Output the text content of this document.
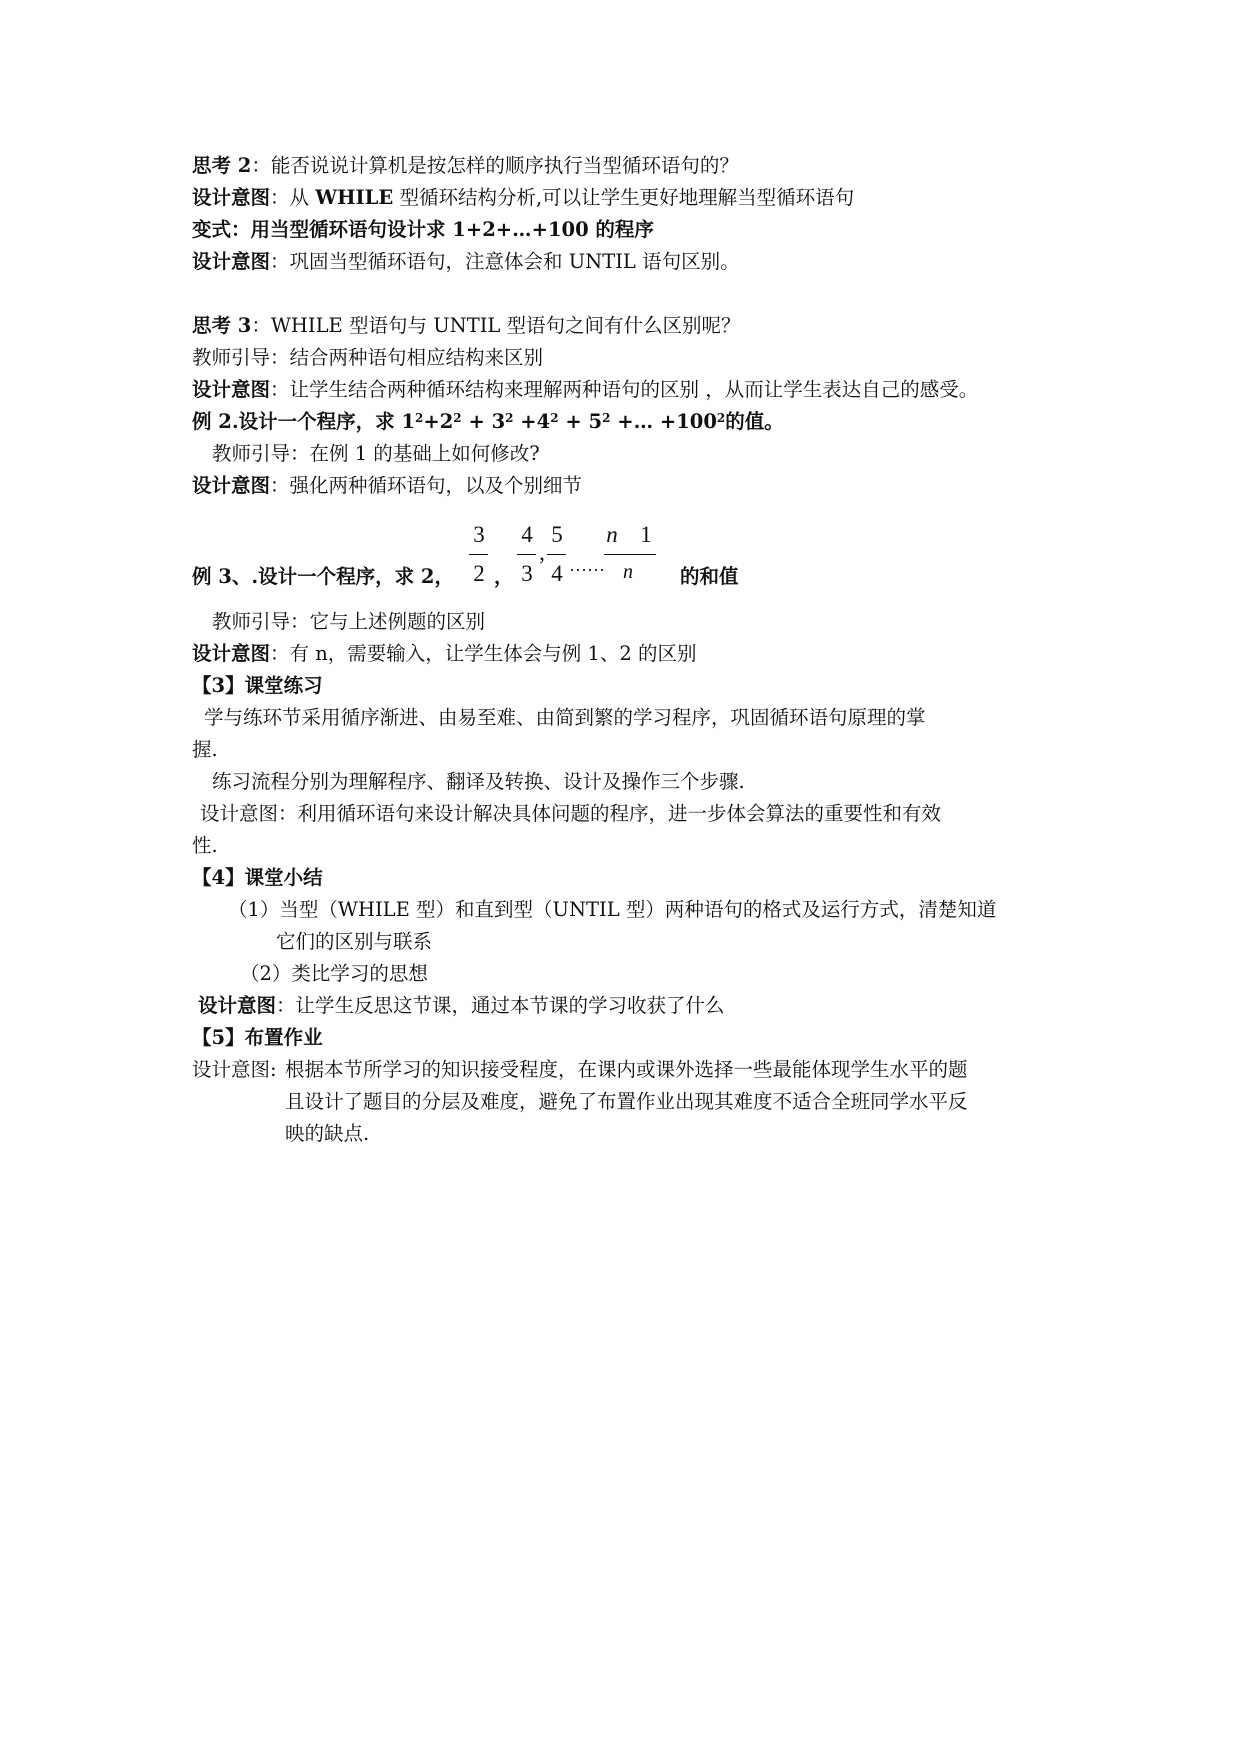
思考 2：能否说说计算机是按怎样的顺序执行当型循环语句的？
设计意图：从 WHILE 型循环结构分析,可以让学生更好地理解当型循环语句
变式：用当型循环语句设计求 1+2+…+100 的程序
设计意图：巩固当型循环语句，注意体会和 UNTIL 语句区别。
思考 3：WHILE 型语句与 UNTIL 型语句之间有什么区别呢？
教师引导：结合两种语句相应结构来区别
设计意图：让学生结合两种循环结构来理解两种语句的区别 ，从而让学生表达自己的感受。
例 2.设计一个程序，求 $1^2+2^2 + 3^2 +4^2 + 5^2$ +… $+100^2$的值。
教师引导：在例 1 的基础上如何修改?
设计意图：强化两种循环语句，以及个别细节
例 3、.设计一个程序，求 2，
3
2 ，
4
3
,
5
4 ……
n 1
n	的和值
教师引导：它与上述例题的区别
设计意图：有 n，需要输入，让学生体会与例 1、2 的区别
【3】课堂练习
学与练环节采用循序渐进、由易至难、由简到繁的学习程序，巩固循环语句原理的掌
握.
练习流程分别为理解程序、翻译及转换、设计及操作三个步骤.
设计意图：利用循环语句来设计解决具体问题的程序，进一步体会算法的重要性和有效
性.
【4】课堂小结
（1）当型（WHILE 型）和直到型（UNTIL 型）两种语句的格式及运行方式，清楚知道
它们的区别与联系
（2）类比学习的思想
设计意图：让学生反思这节课，通过本节课的学习收获了什么
【5】布置作业
设计意图: 根据本节所学习的知识接受程度，在课内或课外选择一些最能体现学生水平的题
且设计了题目的分层及难度，避免了布置作业出现其难度不适合全班同学水平反
映的缺点.
